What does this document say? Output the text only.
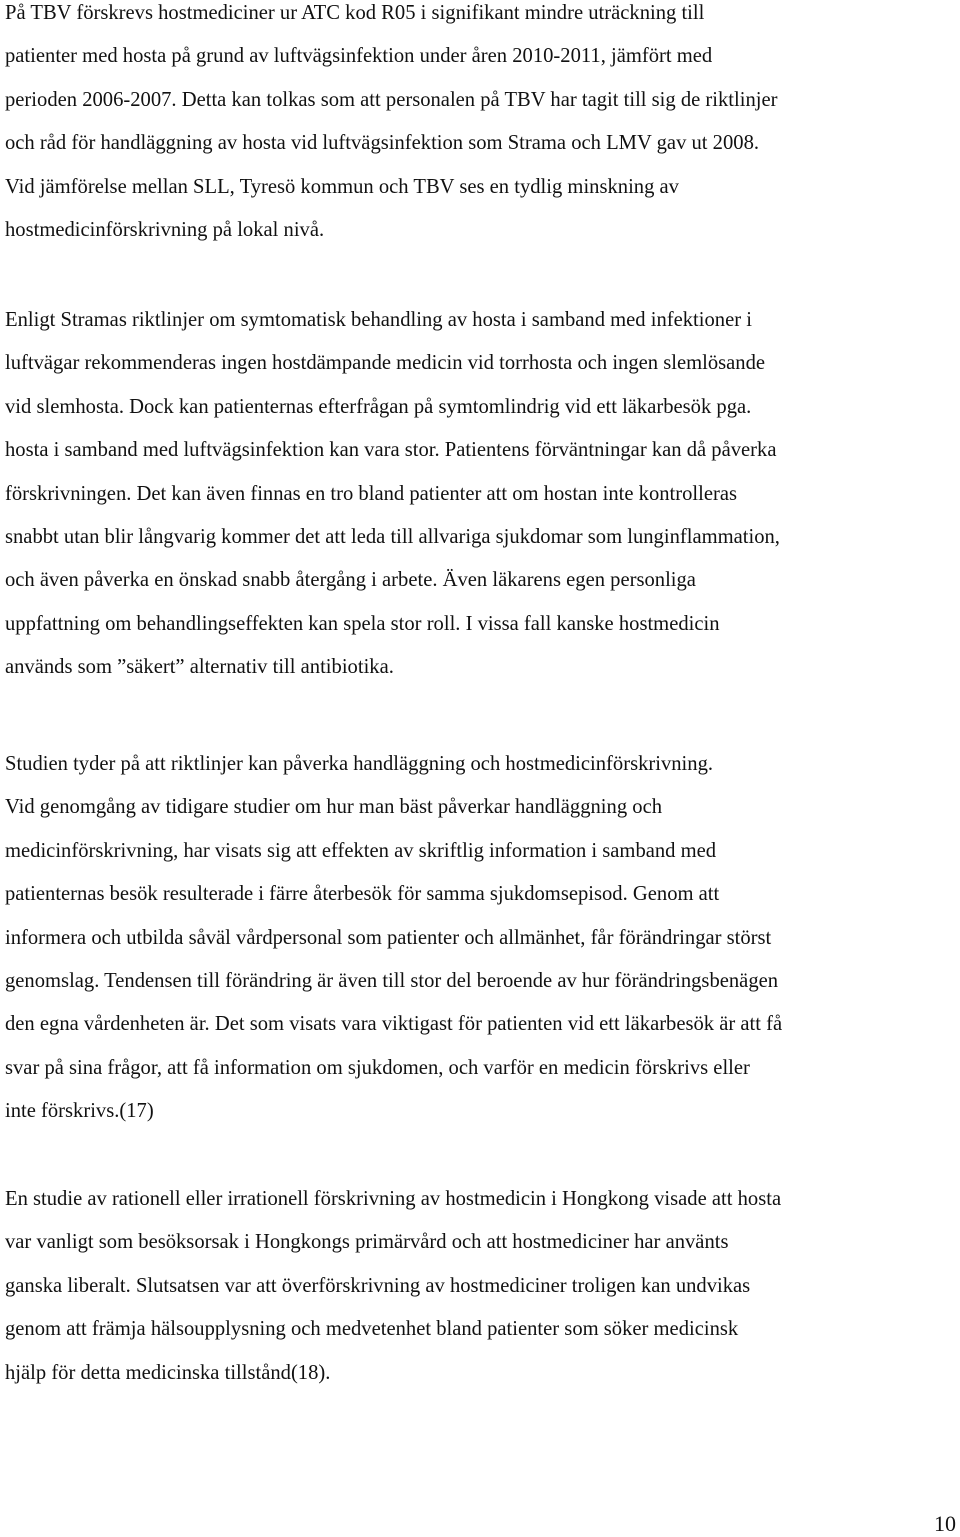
På TBV förskrevs hostmediciner ur ATC kod R05 i signifikant mindre uträckning till
patienter med hosta på grund av luftvägsinfektion under åren 2010-2011, jämfört med
perioden 2006-2007. Detta kan tolkas som att personalen på TBV har tagit till sig de riktlinjer
och råd för handläggning av hosta vid luftvägsinfektion som Strama och LMV gav ut 2008.
Vid jämförelse mellan SLL, Tyresö kommun och TBV ses en tydlig minskning av
hostmedicinförskrivning på lokal nivå.
Enligt Stramas riktlinjer om symtomatisk behandling av hosta i samband med infektioner i
luftvägar rekommenderas ingen hostdämpande medicin vid torrhosta och ingen slemlösande
vid slemhosta. Dock kan patienternas efterfrågan på symtomlindrig vid ett läkarbesök pga.
hosta i samband med luftvägsinfektion kan vara stor. Patientens förväntningar kan då påverka
förskrivningen. Det kan även finnas en tro bland patienter att om hostan inte kontrolleras
snabbt utan blir långvarig kommer det att leda till allvariga sjukdomar som lunginflammation,
och även påverka en önskad snabb återgång i arbete. Även läkarens egen personliga
uppfattning om behandlingseffekten kan spela stor roll. I vissa fall kanske hostmedicin
används som ”säkert” alternativ till antibiotika.
Studien tyder på att riktlinjer kan påverka handläggning och hostmedicinförskrivning.
Vid genomgång av tidigare studier om hur man bäst påverkar handläggning och
medicinförskrivning, har visats sig att effekten av skriftlig information i samband med
patienternas besök resulterade i färre återbesök för samma sjukdomsepisod. Genom att
informera och utbilda såväl vårdpersonal som patienter och allmänhet, får förändringar störst
genomslag. Tendensen till förändring är även till stor del beroende av hur förändringsbenägen
den egna vårdenheten är. Det som visats vara viktigast för patienten vid ett läkarbesök är att få
svar på sina frågor, att få information om sjukdomen, och varför en medicin förskrivs eller
inte förskrivs.(17)
En studie av rationell eller irrationell förskrivning av hostmedicin i Hongkong visade att hosta
var vanligt som besöksorsak i Hongkongs primärvård och att hostmediciner har använts
ganska liberalt. Slutsatsen var att överförskrivning av hostmediciner troligen kan undvikas
genom att främja hälsoupplysning och medvetenhet bland patienter som söker medicinsk
hjälp för detta medicinska tillstånd(18).
10
